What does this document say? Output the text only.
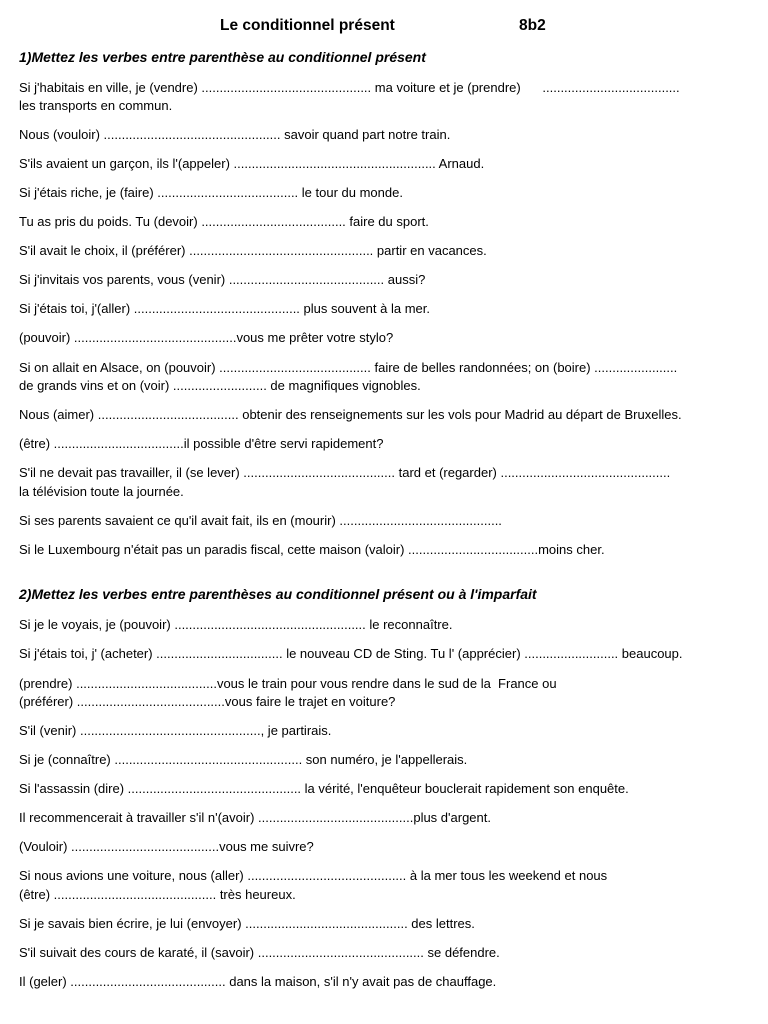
Le conditionnel présent	8b2
1)Mettez les verbes entre parenthèse au conditionnel présent
Si j'habitais en ville, je (vendre) ............................................... ma voiture et je (prendre)      ......................................
les transports en commun.
Nous (vouloir) ................................................. savoir quand part notre train.
S'ils avaient un garçon, ils l'(appeler) ........................................................ Arnaud.
Si j'étais riche, je (faire) ....................................... le tour du monde.
Tu as pris du poids. Tu (devoir) ........................................ faire du sport.
S'il avait le choix, il (préférer) ................................................... partir en vacances.
Si j'invitais vos parents, vous (venir) ........................................... aussi?
Si j'étais toi, j'(aller) .............................................. plus souvent à la mer.
(pouvoir) .............................................vous me prêter votre stylo?
Si on allait en Alsace, on (pouvoir) .......................................... faire de belles randonnées; on (boire) .......................
de grands vins et on (voir) .......................... de magnifiques vignobles.
Nous (aimer) ....................................... obtenir des renseignements sur les vols pour Madrid au départ de Bruxelles.
(être) ....................................il possible d'être servi rapidement?
S'il ne devait pas travailler, il (se lever) .......................................... tard et (regarder) ...............................................
la télévision toute la journée.
Si ses parents savaient ce qu'il avait fait, ils en (mourir) .............................................
Si le Luxembourg n'était pas un paradis fiscal, cette maison (valoir) ....................................moins cher.
2)Mettez les verbes entre parenthèses au conditionnel présent ou à l'imparfait
Si je le voyais, je (pouvoir) ..................................................... le reconnaître.
Si j'étais toi, j' (acheter) ................................... le nouveau CD de Sting. Tu l' (apprécier) .......................... beaucoup.
(prendre) .......................................vous le train pour vous rendre dans le sud de la  France ou
(préférer) .........................................vous faire le trajet en voiture?
S'il (venir) .................................................., je partirais.
Si je (connaître) .................................................... son numéro, je l'appellerais.
Si l'assassin (dire) ................................................ la vérité, l'enquêteur bouclerait rapidement son enquête.
Il recommencerait à travailler s'il n'(avoir) ...........................................plus d'argent.
(Vouloir) .........................................vous me suivre?
Si nous avions une voiture, nous (aller) ............................................ à la mer tous les weekend et nous
(être) ............................................. très heureux.
Si je savais bien écrire, je lui (envoyer) ............................................. des lettres.
S'il suivait des cours de karaté, il (savoir) .............................................. se défendre.
Il (geler) ........................................... dans la maison, s'il n'y avait pas de chauffage.
